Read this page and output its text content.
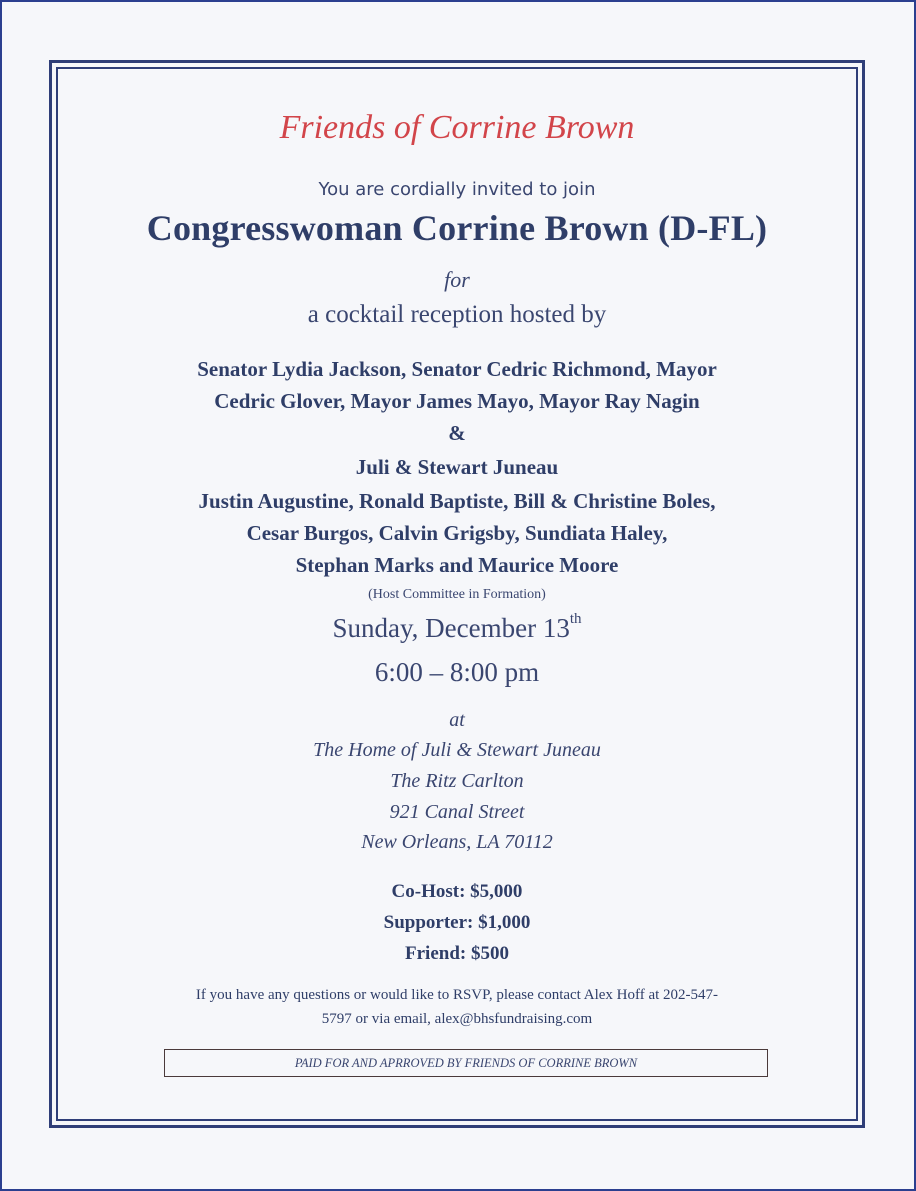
Friends of Corrine Brown
You are cordially invited to join
Congresswoman Corrine Brown (D-FL)
for
a cocktail reception hosted by
Senator Lydia Jackson, Senator Cedric Richmond, Mayor
Cedric Glover, Mayor James Mayo, Mayor Ray Nagin
&
Juli & Stewart Juneau
Justin Augustine, Ronald Baptiste, Bill & Christine Boles,
Cesar Burgos, Calvin Grigsby, Sundiata Haley,
Stephan Marks and Maurice Moore
(Host Committee in Formation)
Sunday, December 13th
6:00 – 8:00 pm
at
The Home of Juli & Stewart Juneau
The Ritz Carlton
921 Canal Street
New Orleans, LA 70112
Co-Host: $5,000
Supporter: $1,000
Friend: $500
If you have any questions or would like to RSVP, please contact Alex Hoff at 202-547-
5797 or via email, alex@bhsfundraising.com
PAID FOR AND APRROVED BY FRIENDS OF CORRINE BROWN
